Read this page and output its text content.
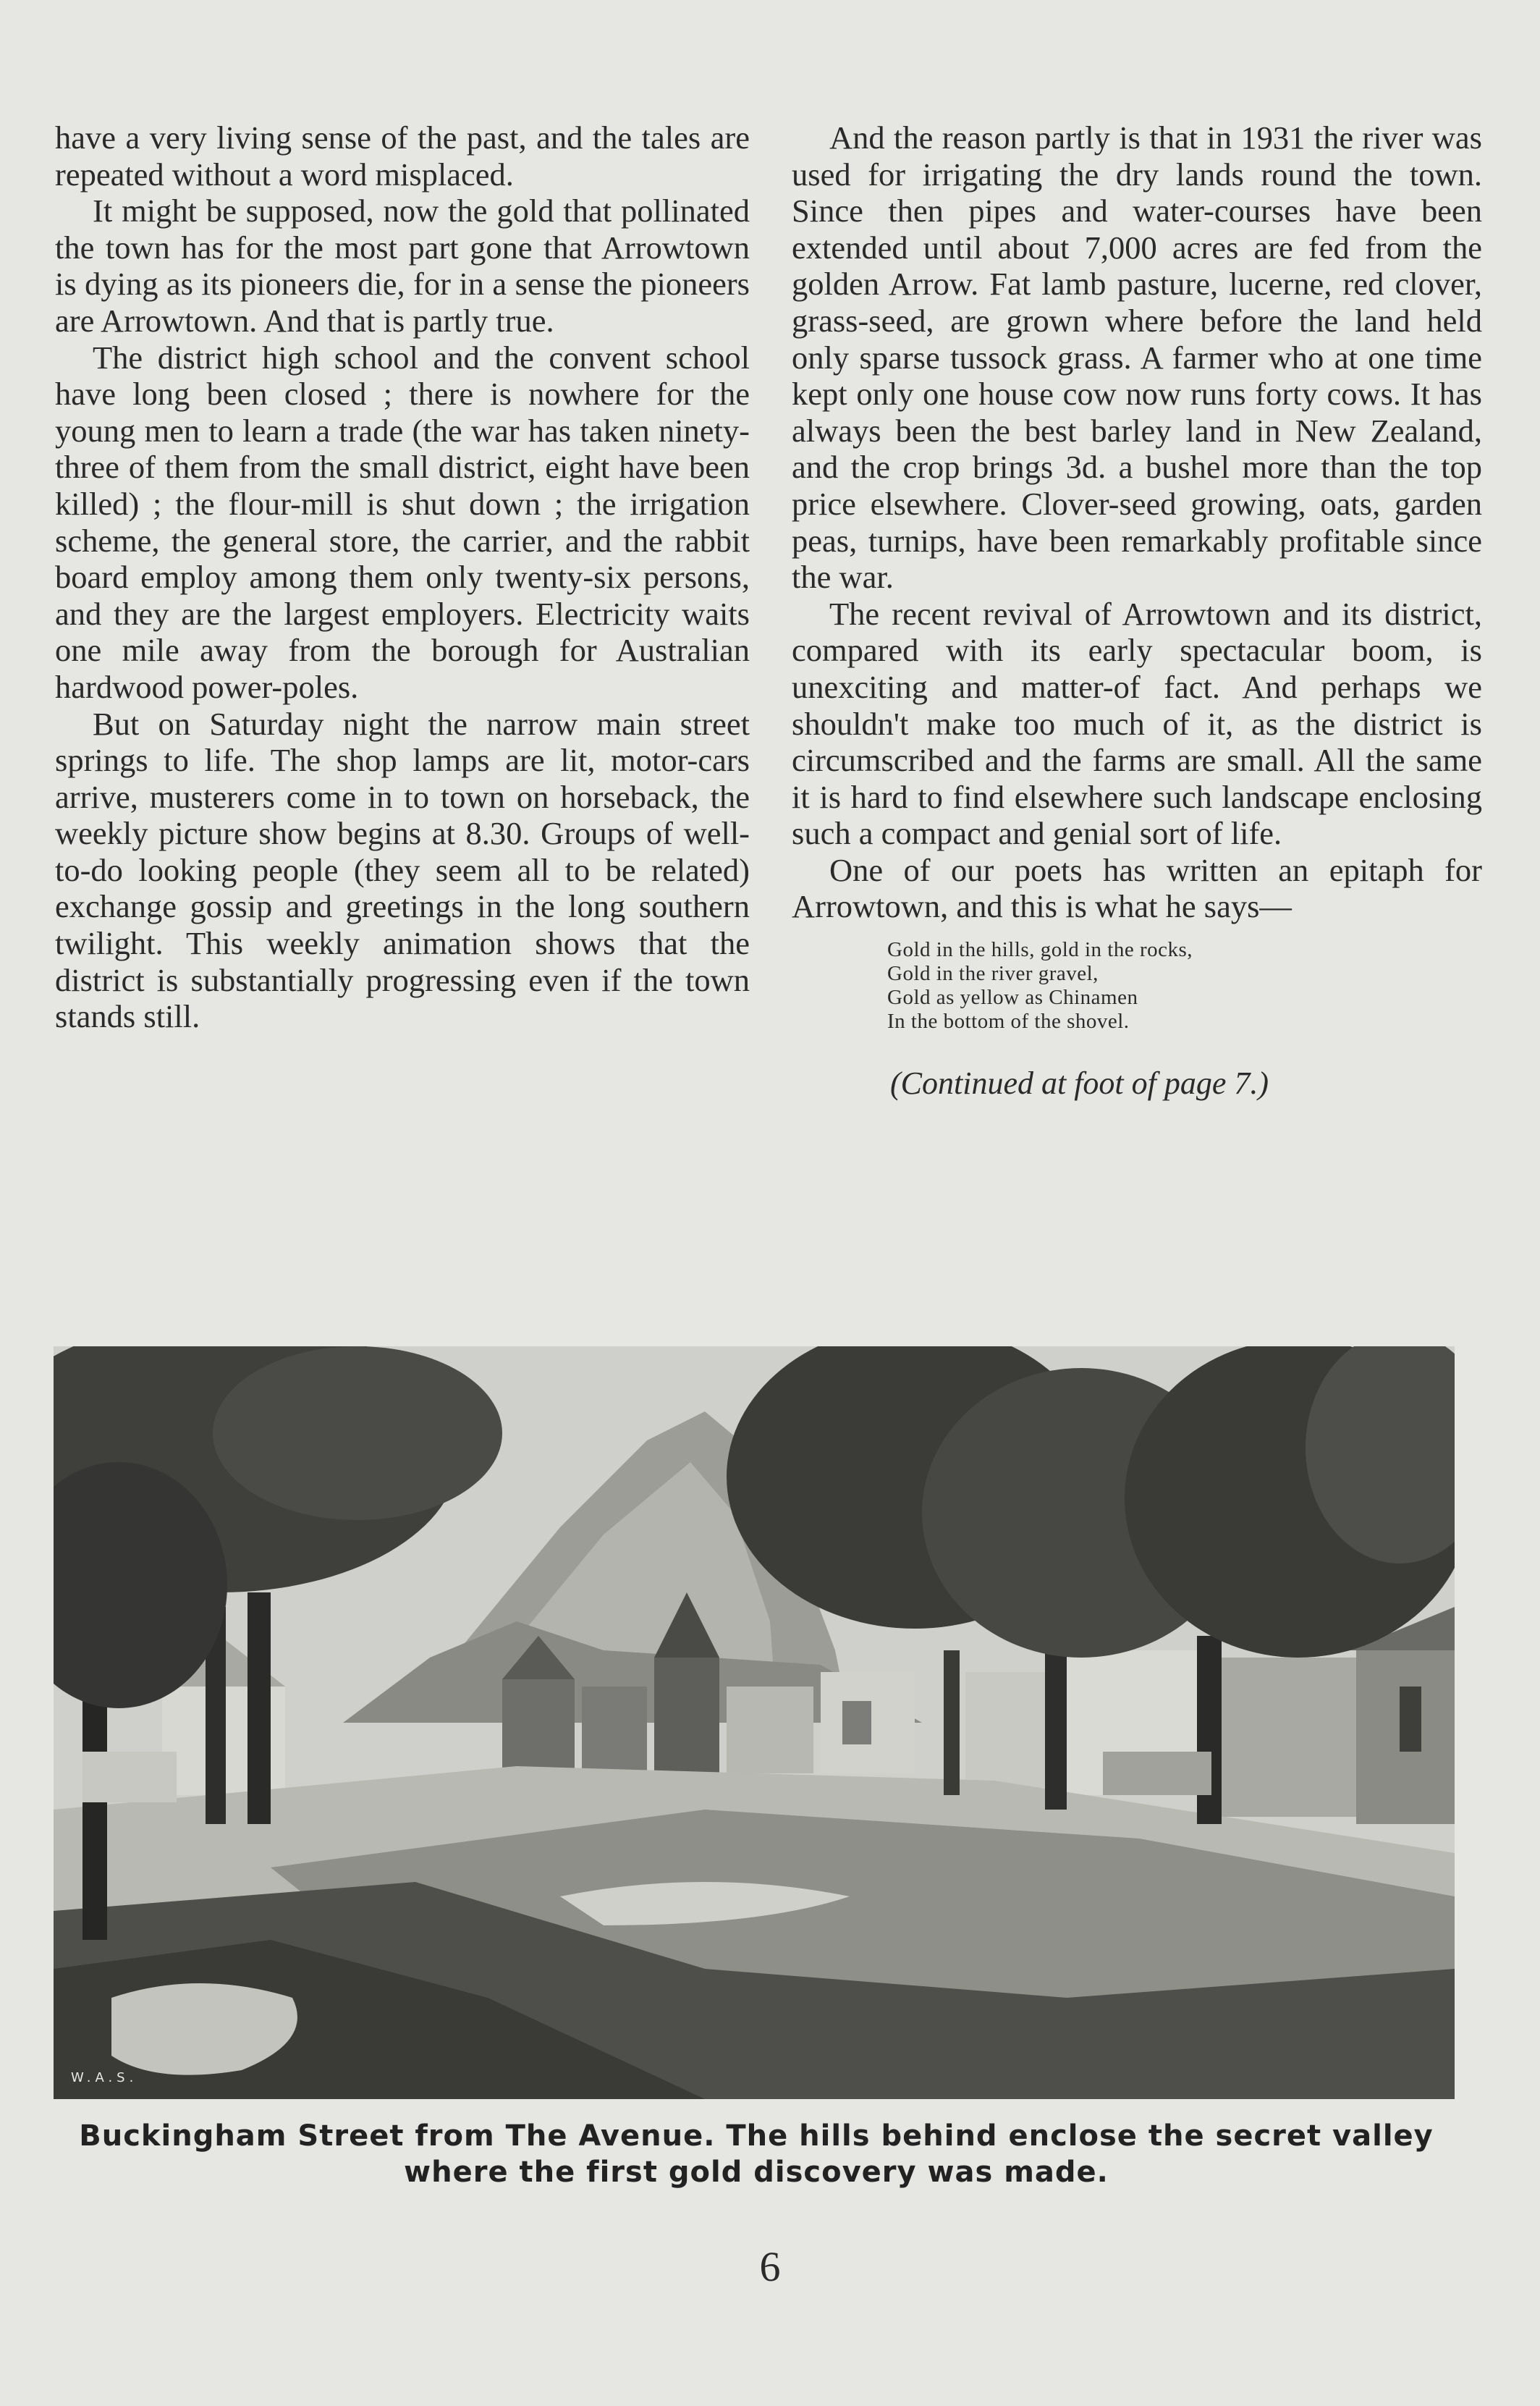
have a very living sense of the past, and the tales are repeated without a word misplaced.

It might be supposed, now the gold that pollinated the town has for the most part gone that Arrowtown is dying as its pioneers die, for in a sense the pioneers are Arrowtown. And that is partly true.

The district high school and the convent school have long been closed ; there is nowhere for the young men to learn a trade (the war has taken ninety-three of them from the small district, eight have been killed) ; the flour-mill is shut down ; the irrigation scheme, the general store, the carrier, and the rabbit board employ among them only twenty-six persons, and they are the largest employers. Electricity waits one mile away from the borough for Australian hardwood power-poles.

But on Saturday night the narrow main street springs to life. The shop lamps are lit, motor-cars arrive, musterers come in to town on horseback, the weekly picture show begins at 8.30. Groups of well-to-do looking people (they seem all to be related) exchange gossip and greetings in the long southern twilight. This weekly animation shows that the district is substantially progressing even if the town stands still.

And the reason partly is that in 1931 the river was used for irrigating the dry lands round the town. Since then pipes and water-courses have been extended until about 7,000 acres are fed from the golden Arrow. Fat lamb pasture, lucerne, red clover, grass-seed, are grown where before the land held only sparse tussock grass. A farmer who at one time kept only one house cow now runs forty cows. It has always been the best barley land in New Zealand, and the crop brings 3d. a bushel more than the top price elsewhere. Clover-seed growing, oats, garden peas, turnips, have been remarkably profitable since the war.

The recent revival of Arrowtown and its district, compared with its early spectacular boom, is unexciting and matter-of fact. And perhaps we shouldn't make too much of it, as the district is circumscribed and the farms are small. All the same it is hard to find elsewhere such landscape enclosing such a compact and genial sort of life.

One of our poets has written an epitaph for Arrowtown, and this is what he says—

Gold in the hills, gold in the rocks,
Gold in the river gravel,
Gold as yellow as Chinamen
In the bottom of the shovel.
(Continued at foot of page 7.)
W.A.S.
Buckingham Street from The Avenue. The hills behind enclose the secret valley
where the first gold discovery was made.
6
